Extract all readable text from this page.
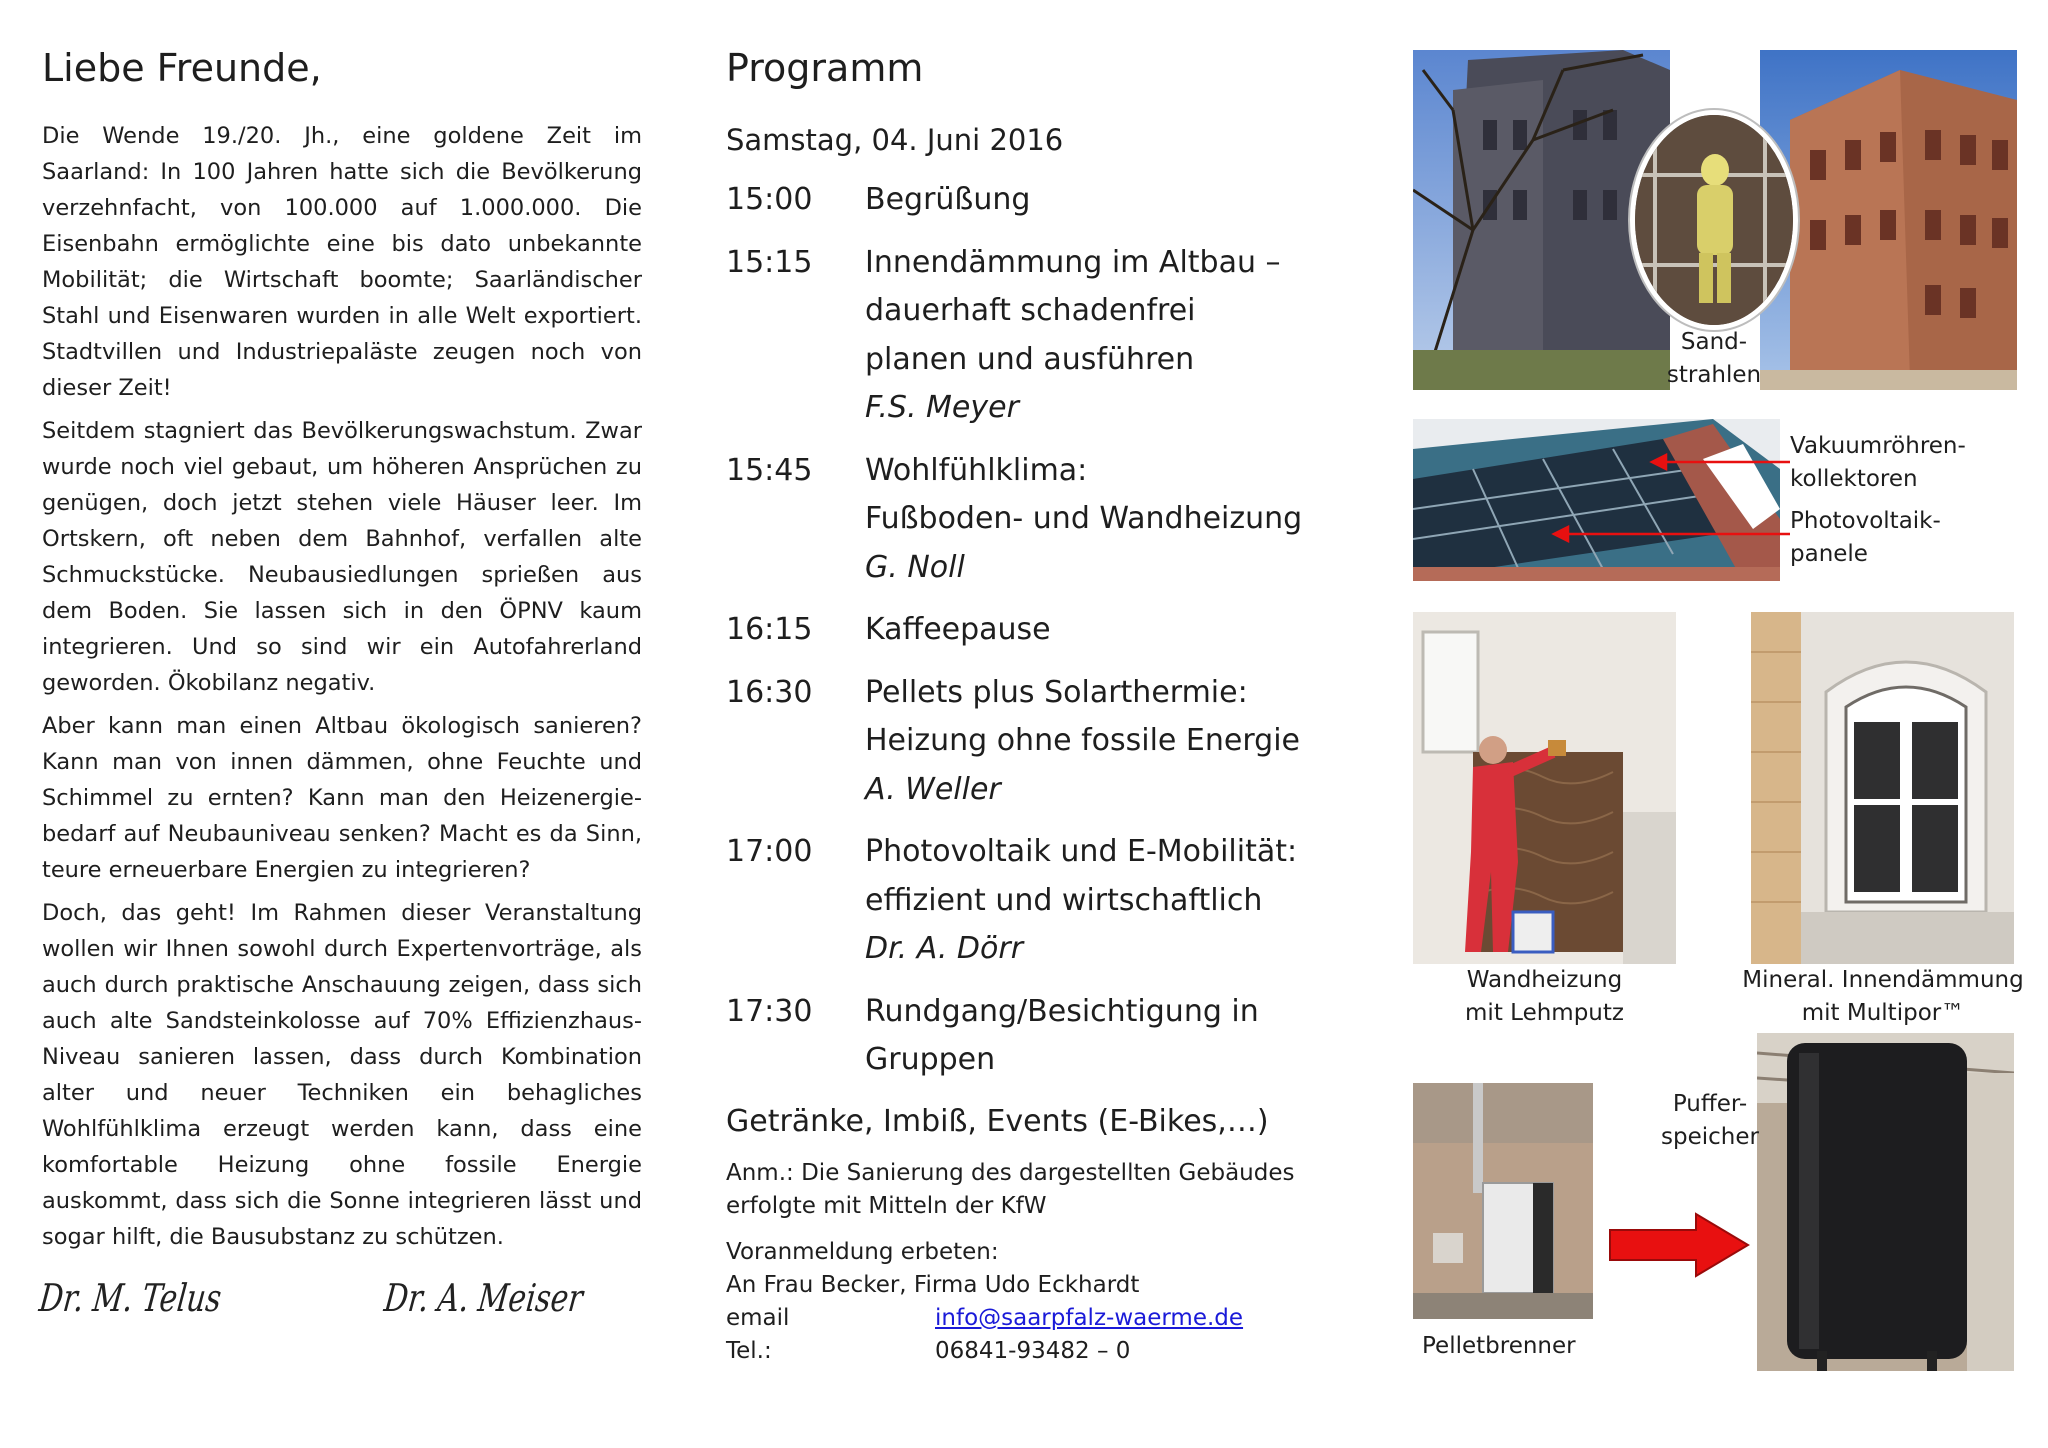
Liebe Freunde,

Die Wende 19./20. Jh., eine goldene Zeit im Saarland: In 100 Jahren hatte sich die Bevölkerung verzehnfacht, von 100.000 auf 1.000.000. Die Eisenbahn ermöglichte eine bis dato unbekannte Mobilität; die Wirtschaft boomte; Saarländischer Stahl und Eisenwaren wurden in alle Welt exportiert. Stadtvillen und Industriepaläste zeugen noch von dieser Zeit!

Seitdem stagniert das Bevölkerungswachstum. Zwar wurde noch viel gebaut, um höheren Ansprüchen zu genügen, doch jetzt stehen viele Häuser leer. Im Ortskern, oft neben dem Bahnhof, verfallen alte Schmuckstücke. Neubausiedlungen sprießen aus dem Boden. Sie lassen sich in den ÖPNV kaum integrieren. Und so sind wir ein Autofahrerland geworden. Ökobilanz negativ.

Aber kann man einen Altbau ökologisch sanieren? Kann man von innen dämmen, ohne Feuchte und Schimmel zu ernten? Kann man den Heizenergiebedarf auf Neubauniveau senken? Macht es da Sinn, teure erneuerbare Energien zu integrieren?

Doch, das geht! Im Rahmen dieser Veranstaltung wollen wir Ihnen sowohl durch Expertenvorträge, als auch durch praktische Anschauung zeigen, dass sich auch alte Sandsteinkolosse auf 70% Effizienzhaus-Niveau sanieren lassen, dass durch Kombination alter und neuer Techniken ein behagliches Wohlfühlklima erzeugt werden kann, dass eine komfortable Heizung ohne fossile Energie auskommt, dass sich die Sonne integrieren lässt und sogar hilft, die Bausubstanz zu schützen.

Dr. M. Telus	Dr. A. Meiser
Programm
Samstag, 04. Juni 2016
15:00	Begrüßung
15:15	Innendämmung im Altbau –
dauerhaft schadenfrei
planen und ausführen
F.S. Meyer
15:45	Wohlfühlklima:
Fußboden- und Wandheizung
G. Noll
16:15	Kaffeepause
16:30	Pellets plus Solarthermie:
Heizung ohne fossile Energie
A. Weller
17:00	Photovoltaik und E-Mobilität:
effizient und wirtschaftlich
Dr. A. Dörr
17:30	Rundgang/Besichtigung in
Gruppen
Getränke, Imbiß, Events (E-Bikes,…)
Anm.: Die Sanierung des dargestellten Gebäudes
erfolgte mit Mitteln der KfW
Voranmeldung erbeten:
An Frau Becker, Firma Udo Eckhardt
email	info@saarpfalz-waerme.de
Tel.:	06841-93482 – 0
Sand-
strahlen
Vakuumröhren-
kollektoren
Photovoltaik-
panele
Wandheizung
mit Lehmputz
Mineral. Innendämmung
mit Multipor™
Pelletbrenner
Puffer-
speicher
